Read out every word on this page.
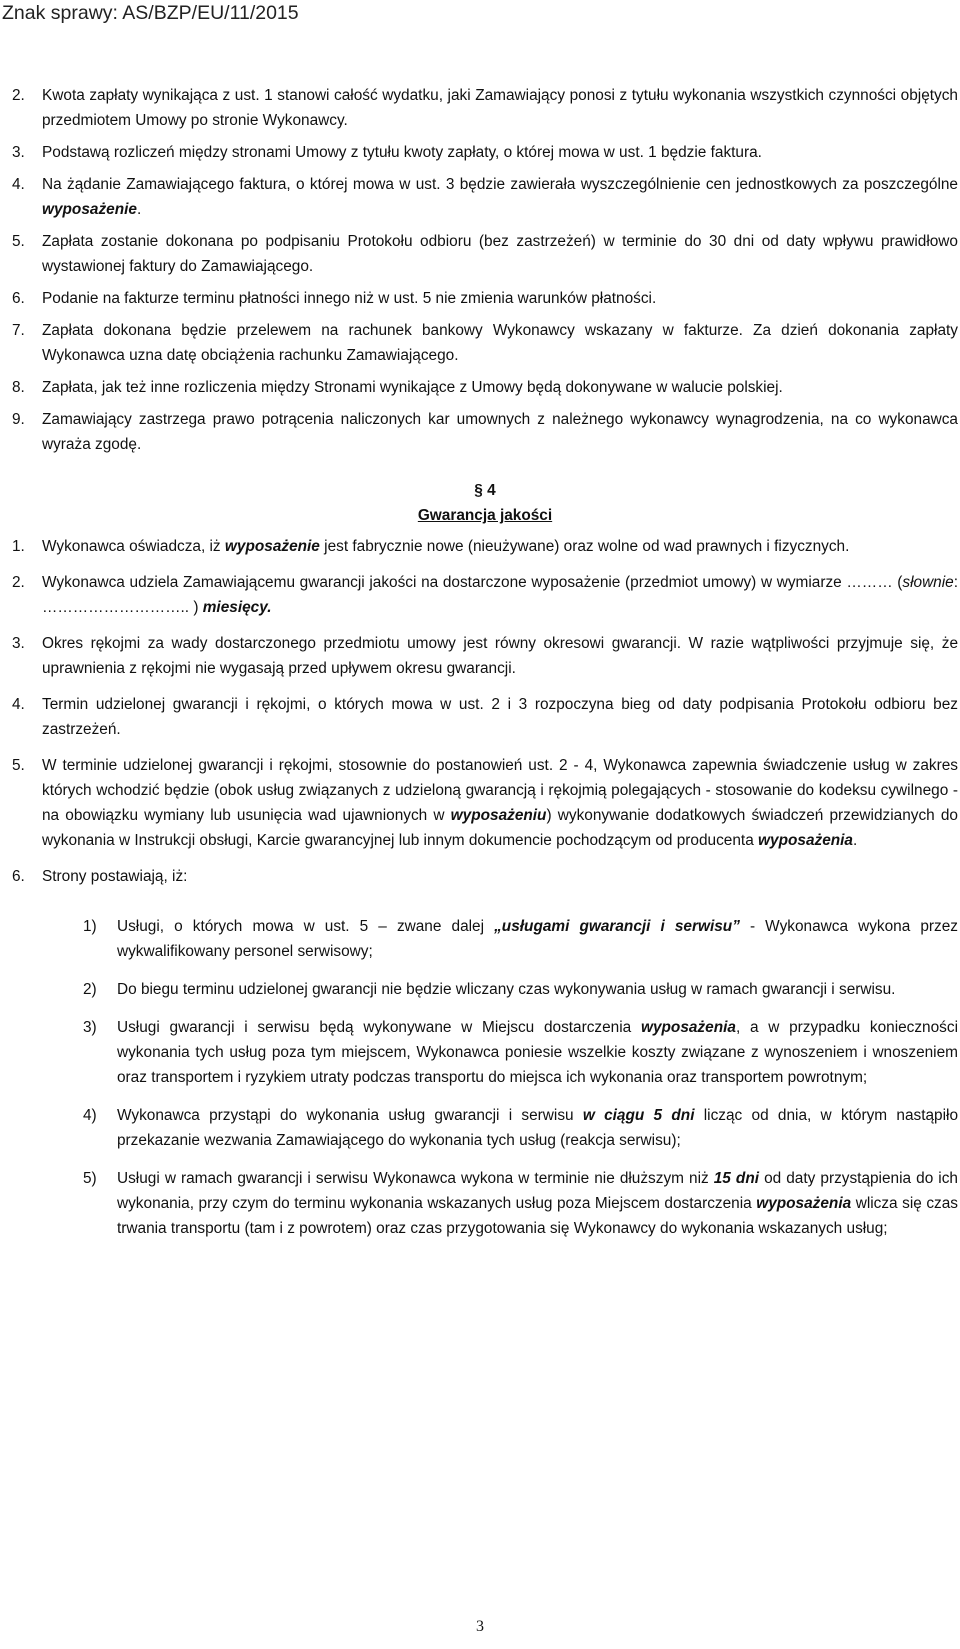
Znak sprawy: AS/BZP/EU/11/2015
2. Kwota zapłaty wynikająca z ust. 1 stanowi całość wydatku, jaki Zamawiający ponosi z tytułu wykonania wszystkich czynności objętych przedmiotem Umowy po stronie Wykonawcy.
3. Podstawą rozliczeń między stronami Umowy z tytułu kwoty zapłaty, o której mowa w ust. 1 będzie faktura.
4. Na żądanie Zamawiającego faktura, o której mowa w ust. 3 będzie zawierała wyszczególnienie cen jednostkowych za poszczególne wyposażenie.
5. Zapłata zostanie dokonana po podpisaniu Protokołu odbioru (bez zastrzeżeń) w terminie do 30 dni od daty wpływu prawidłowo wystawionej faktury do Zamawiającego.
6. Podanie na fakturze terminu płatności innego niż w ust. 5 nie zmienia warunków płatności.
7. Zapłata dokonana będzie przelewem na rachunek bankowy Wykonawcy wskazany w fakturze. Za dzień dokonania zapłaty Wykonawca uzna datę obciążenia rachunku Zamawiającego.
8. Zapłata, jak też inne rozliczenia między Stronami wynikające z Umowy będą dokonywane w walucie polskiej.
9. Zamawiający zastrzega prawo potrącenia naliczonych kar umownych z należnego wykonawcy wynagrodzenia, na co wykonawca wyraża zgodę.

§ 4

Gwarancja jakości

1. Wykonawca oświadcza, iż wyposażenie jest fabrycznie nowe (nieużywane) oraz wolne od wad prawnych i fizycznych.
2. Wykonawca udziela Zamawiającemu gwarancji jakości na dostarczone wyposażenie (przedmiot umowy) w wymiarze ……… (słownie: ……………………….. ) miesięcy.
3. Okres rękojmi za wady dostarczonego przedmiotu umowy jest równy okresowi gwarancji. W razie wątpliwości przyjmuje się, że uprawnienia z rękojmi nie wygasają przed upływem okresu gwarancji.
4. Termin udzielonej gwarancji i rękojmi, o których mowa w ust. 2 i 3 rozpoczyna bieg od daty podpisania Protokołu odbioru bez zastrzeżeń.
5. W terminie udzielonej gwarancji i rękojmi, stosownie do postanowień ust. 2 - 4, Wykonawca zapewnia świadczenie usług w zakres których wchodzić będzie (obok usług związanych z udzieloną gwarancją i rękojmią polegających - stosowanie do kodeksu cywilnego - na obowiązku wymiany lub usunięcia wad ujawnionych w wyposażeniu) wykonywanie dodatkowych świadczeń przewidzianych do wykonania w Instrukcji obsługi, Karcie gwarancyjnej lub innym dokumencie pochodzącym od producenta wyposażenia.
6. Strony postawiają, iż:
1) Usługi, o których mowa w ust. 5 – zwane dalej „usługami gwarancji i serwisu” - Wykonawca wykona przez wykwalifikowany personel serwisowy;
2) Do biegu terminu udzielonej gwarancji nie będzie wliczany czas wykonywania usług w ramach gwarancji i serwisu.
3) Usługi gwarancji i serwisu będą wykonywane w Miejscu dostarczenia wyposażenia, a w przypadku konieczności wykonania tych usług poza tym miejscem, Wykonawca poniesie wszelkie koszty związane z wynoszeniem i wnoszeniem oraz transportem i ryzykiem utraty podczas transportu do miejsca ich wykonania oraz transportem powrotnym;
4) Wykonawca przystąpi do wykonania usług gwarancji i serwisu w ciągu 5 dni licząc od dnia, w którym nastąpiło przekazanie wezwania Zamawiającego do wykonania tych usług (reakcja serwisu);
5) Usługi w ramach gwarancji i serwisu Wykonawca wykona w terminie nie dłuższym niż 15 dni od daty przystąpienia do ich wykonania, przy czym do terminu wykonania wskazanych usług poza Miejscem dostarczenia wyposażenia wlicza się czas trwania transportu (tam i z powrotem) oraz czas przygotowania się Wykonawcy do wykonania wskazanych usług;
3
